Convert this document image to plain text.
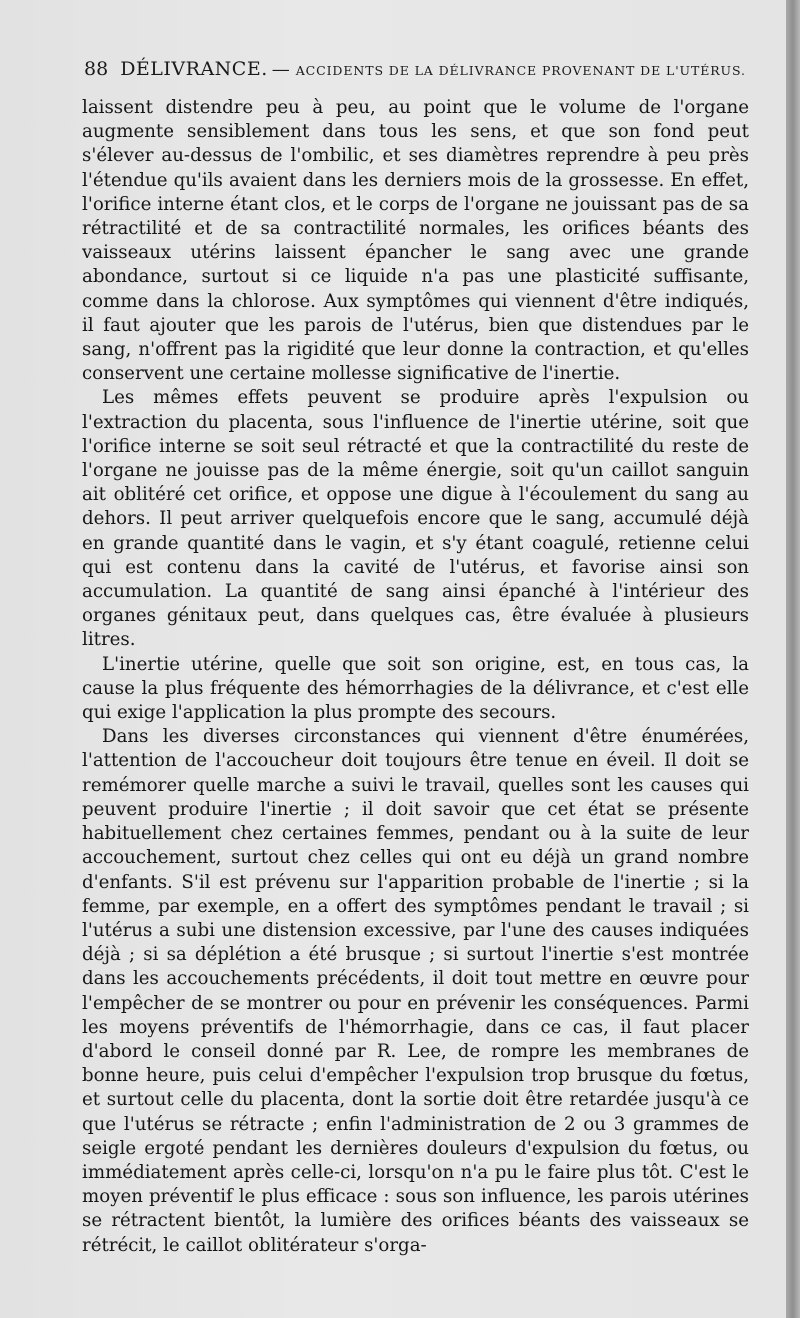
88 DÉLIVRANCE. — ACCIDENTS DE LA DÉLIVRANCE PROVENANT DE L'UTÉRUS.

laissent distendre peu à peu, au point que le volume de l'organe augmente sensiblement dans tous les sens, et que son fond peut s'élever au-dessus de l'ombilic, et ses diamètres reprendre à peu près l'étendue qu'ils avaient dans les derniers mois de la grossesse. En effet, l'orifice interne étant clos, et le corps de l'organe ne jouissant pas de sa rétractilité et de sa contractilité normales, les orifices béants des vaisseaux utérins laissent épancher le sang avec une grande abondance, surtout si ce liquide n'a pas une plasticité suffisante, comme dans la chlorose. Aux symptômes qui viennent d'être indiqués, il faut ajouter que les parois de l'utérus, bien que distendues par le sang, n'offrent pas la rigidité que leur donne la contraction, et qu'elles conservent une certaine mollesse significative de l'inertie.

Les mêmes effets peuvent se produire après l'expulsion ou l'extraction du placenta, sous l'influence de l'inertie utérine, soit que l'orifice interne se soit seul rétracté et que la contractilité du reste de l'organe ne jouisse pas de la même énergie, soit qu'un caillot sanguin ait oblitéré cet orifice, et oppose une digue à l'écoulement du sang au dehors. Il peut arriver quelquefois encore que le sang, accumulé déjà en grande quantité dans le vagin, et s'y étant coagulé, retienne celui qui est contenu dans la cavité de l'utérus, et favorise ainsi son accumulation. La quantité de sang ainsi épanché à l'intérieur des organes génitaux peut, dans quelques cas, être évaluée à plusieurs litres.

L'inertie utérine, quelle que soit son origine, est, en tous cas, la cause la plus fréquente des hémorrhagies de la délivrance, et c'est elle qui exige l'application la plus prompte des secours.

Dans les diverses circonstances qui viennent d'être énumérées, l'attention de l'accoucheur doit toujours être tenue en éveil. Il doit se remémorer quelle marche a suivi le travail, quelles sont les causes qui peuvent produire l'inertie ; il doit savoir que cet état se présente habituellement chez certaines femmes, pendant ou à la suite de leur accouchement, surtout chez celles qui ont eu déjà un grand nombre d'enfants. S'il est prévenu sur l'apparition probable de l'inertie ; si la femme, par exemple, en a offert des symptômes pendant le travail ; si l'utérus a subi une distension excessive, par l'une des causes indiquées déjà ; si sa déplétion a été brusque ; si surtout l'inertie s'est montrée dans les accouchements précédents, il doit tout mettre en œuvre pour l'empêcher de se montrer ou pour en prévenir les conséquences. Parmi les moyens préventifs de l'hémorrhagie, dans ce cas, il faut placer d'abord le conseil donné par R. Lee, de rompre les membranes de bonne heure, puis celui d'empêcher l'expulsion trop brusque du fœtus, et surtout celle du placenta, dont la sortie doit être retardée jusqu'à ce que l'utérus se rétracte ; enfin l'administration de 2 ou 3 grammes de seigle ergoté pendant les dernières douleurs d'expulsion du fœtus, ou immédiatement après celle-ci, lorsqu'on n'a pu le faire plus tôt. C'est le moyen préventif le plus efficace : sous son influence, les parois utérines se rétractent bientôt, la lumière des orifices béants des vaisseaux se rétrécit, le caillot oblitérateur s'orga-
